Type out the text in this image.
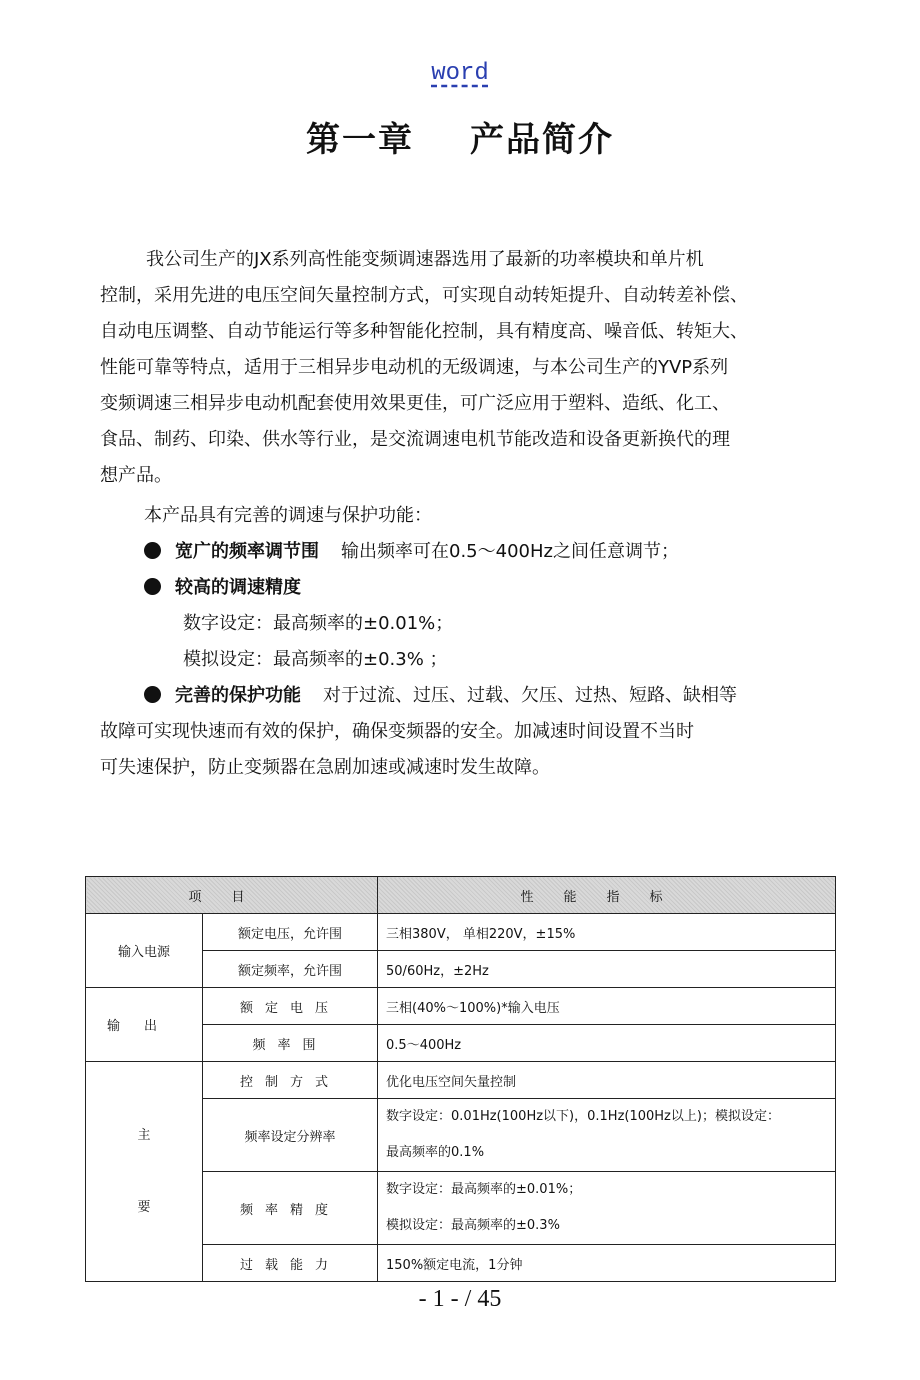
word
第一章 产品简介
我公司生产的JX系列高性能变频调速器选用了最新的功率模块和单片机
控制，采用先进的电压空间矢量控制方式，可实现自动转矩提升、自动转差补偿、
自动电压调整、自动节能运行等多种智能化控制，具有精度高、噪音低、转矩大、
性能可靠等特点，适用于三相异步电动机的无级调速，与本公司生产的YVP系列
变频调速三相异步电动机配套使用效果更佳，可广泛应用于塑料、造纸、化工、
食品、制药、印染、供水等行业，是交流调速电机节能改造和设备更新换代的理
想产品。
本产品具有完善的调速与保护功能：
宽广的频率调节围 输出频率可在0.5～400Hz之间任意调节；
较高的调速精度
数字设定：最高频率的±0.01%；
模拟设定：最高频率的±0.3% ；
完善的保护功能 对于过流、过压、过载、欠压、过热、短路、缺相等
故障可实现快速而有效的保护，确保变频器的安全。加减速时间设置不当时
可失速保护，防止变频器在急剧加速或减速时发生故障。
项目		性能指标
输入电源	额定电压，允许围	三相380V， 单相220V，±15%
	额定频率，允许围	50/60Hz，±2Hz
输出	额定电压	三相(40%～100%)*输入电压
	频率围	0.5～400Hz

主
要	控制方式	优化电压空间矢量控制
	频率设定分辨率	数字设定：0.01Hz(100Hz以下)，0.1Hz(100Hz以上)；模拟设定：
最高频率的0.1%

	频率精度	数字设定：最高频率的±0.01%；
模拟设定：最高频率的±0.3%

	过载能力	150%额定电流，1分钟
- 1 - / 45
